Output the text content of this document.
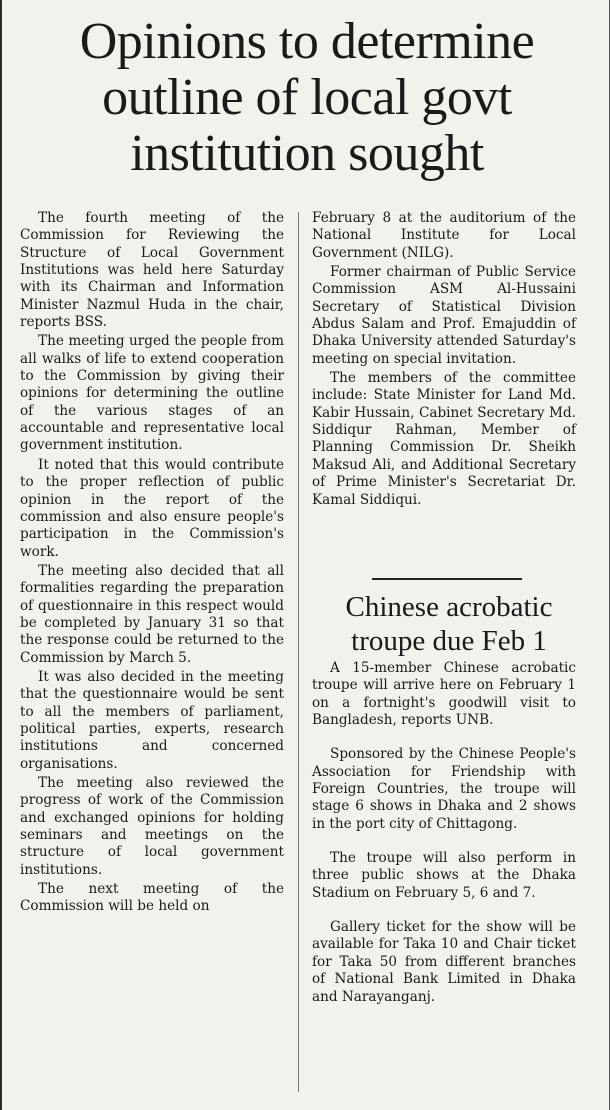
Opinions to determine
outline of local govt
institution sought

The fourth meeting of the Commission for Reviewing the Structure of Local Government Institutions was held here Saturday with its Chairman and Information Minister Nazmul Huda in the chair, reports BSS.

The meeting urged the people from all walks of life to extend cooperation to the Commission by giving their opinions for determining the outline of the various stages of an accountable and representative local government institution.

It noted that this would contribute to the proper reflection of public opinion in the report of the commission and also ensure people's participation in the Commission's work.

The meeting also decided that all formalities regarding the preparation of questionnaire in this respect would be completed by January 31 so that the response could be returned to the Commission by March 5.

It was also decided in the meeting that the questionnaire would be sent to all the members of parliament, political parties, experts, research institutions and concerned organisations.

The meeting also reviewed the progress of work of the Commission and exchanged opinions for holding seminars and meetings on the structure of local government institutions.

The next meeting of the Commission will be held on

February 8 at the auditorium of the National Institute for Local Government (NILG).

Former chairman of Public Service Commission ASM Al-Hussaini Secretary of Statistical Division Abdus Salam and Prof. Emajuddin of Dhaka University attended Saturday's meeting on special invitation.

The members of the committee include: State Minister for Land Md. Kabir Hussain, Cabinet Secretary Md. Siddiqur Rahman, Member of Planning Commission Dr. Sheikh Maksud Ali, and Additional Secretary of Prime Minister's Secretariat Dr. Kamal Siddiqui.

Chinese acrobatic
troupe due Feb 1

A 15-member Chinese acrobatic troupe will arrive here on February 1 on a fortnight's goodwill visit to Bangladesh, reports UNB.

Sponsored by the Chinese People's Association for Friendship with Foreign Countries, the troupe will stage 6 shows in Dhaka and 2 shows in the port city of Chittagong.

The troupe will also perform in three public shows at the Dhaka Stadium on February 5, 6 and 7.

Gallery ticket for the show will be available for Taka 10 and Chair ticket for Taka 50 from different branches of National Bank Limited in Dhaka and Narayanganj.
